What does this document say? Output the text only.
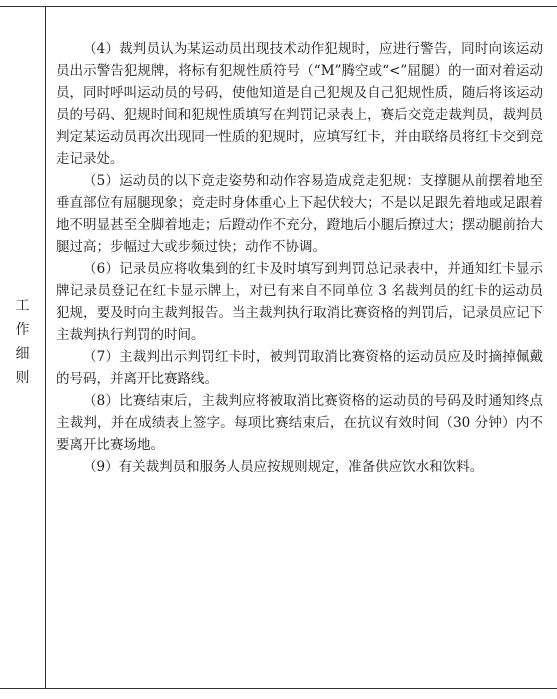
工
作
细
则

（4）裁判员认为某运动员出现技术动作犯规时，应进行警告，同时向该运动员出示警告犯规牌，将标有犯规性质符号（“M”腾空或“<”屈腿）的一面对着运动员，同时呼叫运动员的号码，使他知道是自己犯规及自己犯规性质，随后将该运动员的号码、犯规时间和犯规性质填写在判罚记录表上，赛后交竞走裁判员，裁判员判定某运动员再次出现同一性质的犯规时，应填写红卡，并由联络员将红卡交到竞走记录处。

（5）运动员的以下竞走姿势和动作容易造成竞走犯规：支撑腿从前摆着地至垂直部位有屈腿现象；竞走时身体重心上下起伏较大；不是以足跟先着地或足跟着地不明显甚至全脚着地走；后蹬动作不充分，蹬地后小腿后撩过大；摆动腿前抬大腿过高；步幅过大或步频过快；动作不协调。

（6）记录员应将收集到的红卡及时填写到判罚总记录表中，并通知红卡显示牌记录员登记在红卡显示牌上，对已有来自不同单位 3 名裁判员的红卡的运动员犯规，要及时向主裁判报告。当主裁判执行取消比赛资格的判罚后，记录员应记下主裁判执行判罚的时间。

（7）主裁判出示判罚红卡时，被判罚取消比赛资格的运动员应及时摘掉佩戴的号码，并离开比赛路线。

（8）比赛结束后，主裁判应将被取消比赛资格的运动员的号码及时通知终点主裁判，并在成绩表上签字。每项比赛结束后，在抗议有效时间（30 分钟）内不要离开比赛场地。

（9）有关裁判员和服务人员应按规则规定，准备供应饮水和饮料。
